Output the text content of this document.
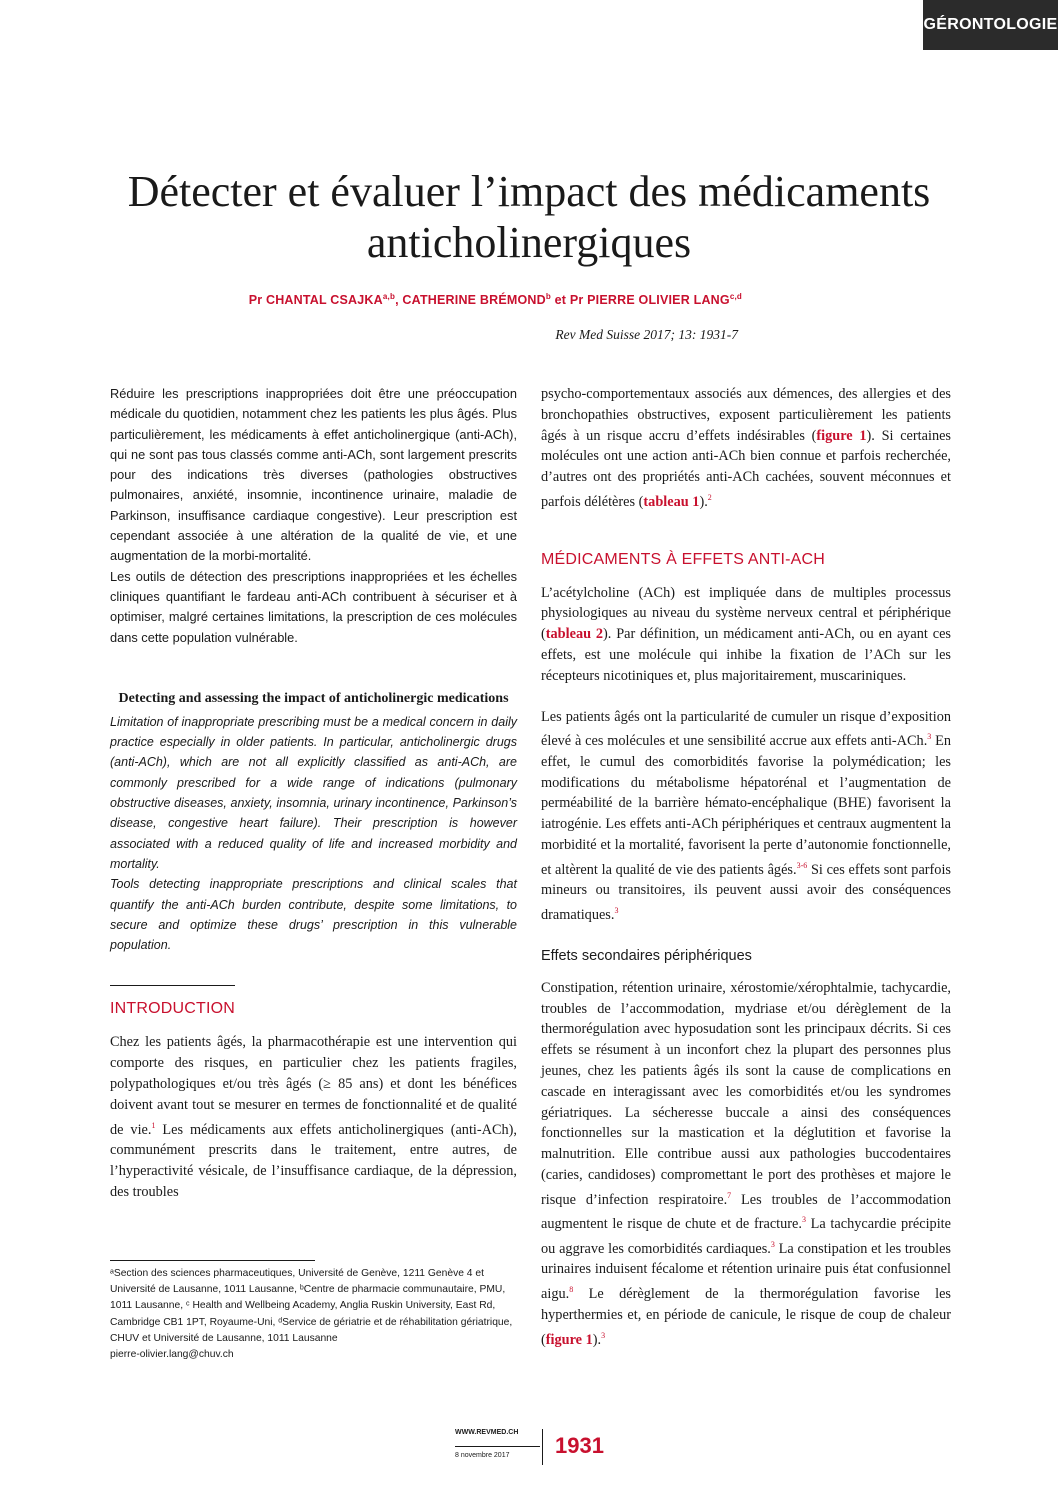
GÉRONTOLOGIE
Détecter et évaluer l’impact des médicaments anticholinergiques
Pr CHANTAL CSAJKA$^{a,b}$, CATHERINE BRÉMOND$^b$ et Pr PIERRE OLIVIER LANG$^{c,d}$
Rev Med Suisse 2017; 13: 1931-7

Réduire les prescriptions inappropriées doit être une préoccupation médicale du quotidien, notamment chez les patients les plus âgés. Plus particulièrement, les médicaments à effet anticholinergique (anti-ACh), qui ne sont pas tous classés comme anti-ACh, sont largement prescrits pour des indications très diverses (pathologies obstructives pulmonaires, anxiété, insomnie, incontinence urinaire, maladie de Parkinson, insuffisance cardiaque congestive). Leur prescription est cependant associée à une altération de la qualité de vie, et une augmentation de la morbi-mortalité.

Les outils de détection des prescriptions inappropriées et les échelles cliniques quantifiant le fardeau anti-ACh contribuent à sécuriser et à optimiser, malgré certaines limitations, la prescription de ces molécules dans cette population vulnérable.

Detecting and assessing the impact of anticholinergic medications

Limitation of inappropriate prescribing must be a medical concern in daily practice especially in older patients. In particular, anticholinergic drugs (anti-ACh), which are not all explicitly classified as anti-ACh, are commonly prescribed for a wide range of indications (pulmonary obstructive diseases, anxiety, insomnia, urinary incontinence, Parkinson’s disease, congestive heart failure). Their prescription is however associated with a reduced quality of life and increased morbidity and mortality.

Tools detecting inappropriate prescriptions and clinical scales that quantify the anti-ACh burden contribute, despite some limitations, to secure and optimize these drugs’ prescription in this vulnerable population.

INTRODUCTION

Chez les patients âgés, la pharmacothérapie est une intervention qui comporte des risques, en particulier chez les patients fragiles, polypathologiques et/ou très âgés (≥ 85 ans) et dont les bénéfices doivent avant tout se mesurer en termes de fonctionnalité et de qualité de vie.$^1$ Les médicaments aux effets anticholinergiques (anti-ACh), communément prescrits dans le traitement, entre autres, de l’hyperactivité vésicale, de l’insuffisance cardiaque, de la dépression, des troubles

ᵃSection des sciences pharmaceutiques, Université de Genève, 1211 Genève 4 et Université de Lausanne, 1011 Lausanne, ᵇCentre de pharmacie communautaire, PMU, 1011 Lausanne, ᶜ Health and Wellbeing Academy, Anglia Ruskin University, East Rd, Cambridge CB1 1PT, Royaume-Uni, ᵈService de gériatrie et de réhabilitation gériatrique, CHUV et Université de Lausanne, 1011 Lausanne
pierre-olivier.lang@chuv.ch

psycho-comportementaux associés aux démences, des allergies et des bronchopathies obstructives, exposent particulièrement les patients âgés à un risque accru d’effets indésirables (figure 1). Si certaines molécules ont une action anti-ACh bien connue et parfois recherchée, d’autres ont des propriétés anti-ACh cachées, souvent méconnues et parfois délétères (tableau 1).$^2$

MÉDICAMENTS À EFFETS ANTI-ACH

L’acétylcholine (ACh) est impliquée dans de multiples processus physiologiques au niveau du système nerveux central et périphérique (tableau 2). Par définition, un médicament anti-ACh, ou en ayant ces effets, est une molécule qui inhibe la fixation de l’ACh sur les récepteurs nicotiniques et, plus majoritairement, muscariniques.

Les patients âgés ont la particularité de cumuler un risque d’exposition élevé à ces molécules et une sensibilité accrue aux effets anti-ACh.$^3$ En effet, le cumul des comorbidités favorise la polymédication; les modifications du métabolisme hépatorénal et l’augmentation de perméabilité de la barrière hémato-encéphalique (BHE) favorisent la iatrogénie. Les effets anti-ACh périphériques et centraux augmentent la morbidité et la mortalité, favorisent la perte d’autonomie fonctionnelle, et altèrent la qualité de vie des patients âgés.$^{3-6}$ Si ces effets sont parfois mineurs ou transitoires, ils peuvent aussi avoir des conséquences dramatiques.$^3$

Effets secondaires périphériques

Constipation, rétention urinaire, xérostomie/xérophtalmie, tachycardie, troubles de l’accommodation, mydriase et/ou dérèglement de la thermorégulation avec hyposudation sont les principaux décrits. Si ces effets se résument à un inconfort chez la plupart des personnes plus jeunes, chez les patients âgés ils sont la cause de complications en cascade en interagissant avec les comorbidités et/ou les syndromes gériatriques. La sécheresse buccale a ainsi des conséquences fonctionnelles sur la mastication et la déglutition et favorise la malnutrition. Elle contribue aussi aux pathologies buccodentaires (caries, candidoses) compromettant le port des prothèses et majore le risque d’infection respiratoire.$^7$ Les troubles de l’accommodation augmentent le risque de chute et de fracture.$^3$ La tachycardie précipite ou aggrave les comorbidités cardiaques.$^3$ La constipation et les troubles urinaires induisent fécalome et rétention urinaire puis état confusionnel aigu.$^8$ Le dérèglement de la thermorégulation favorise les hyperthermies et, en période de canicule, le risque de coup de chaleur (figure 1).$^3$

WWW.REVMED.CH
8 novembre 2017 1931
